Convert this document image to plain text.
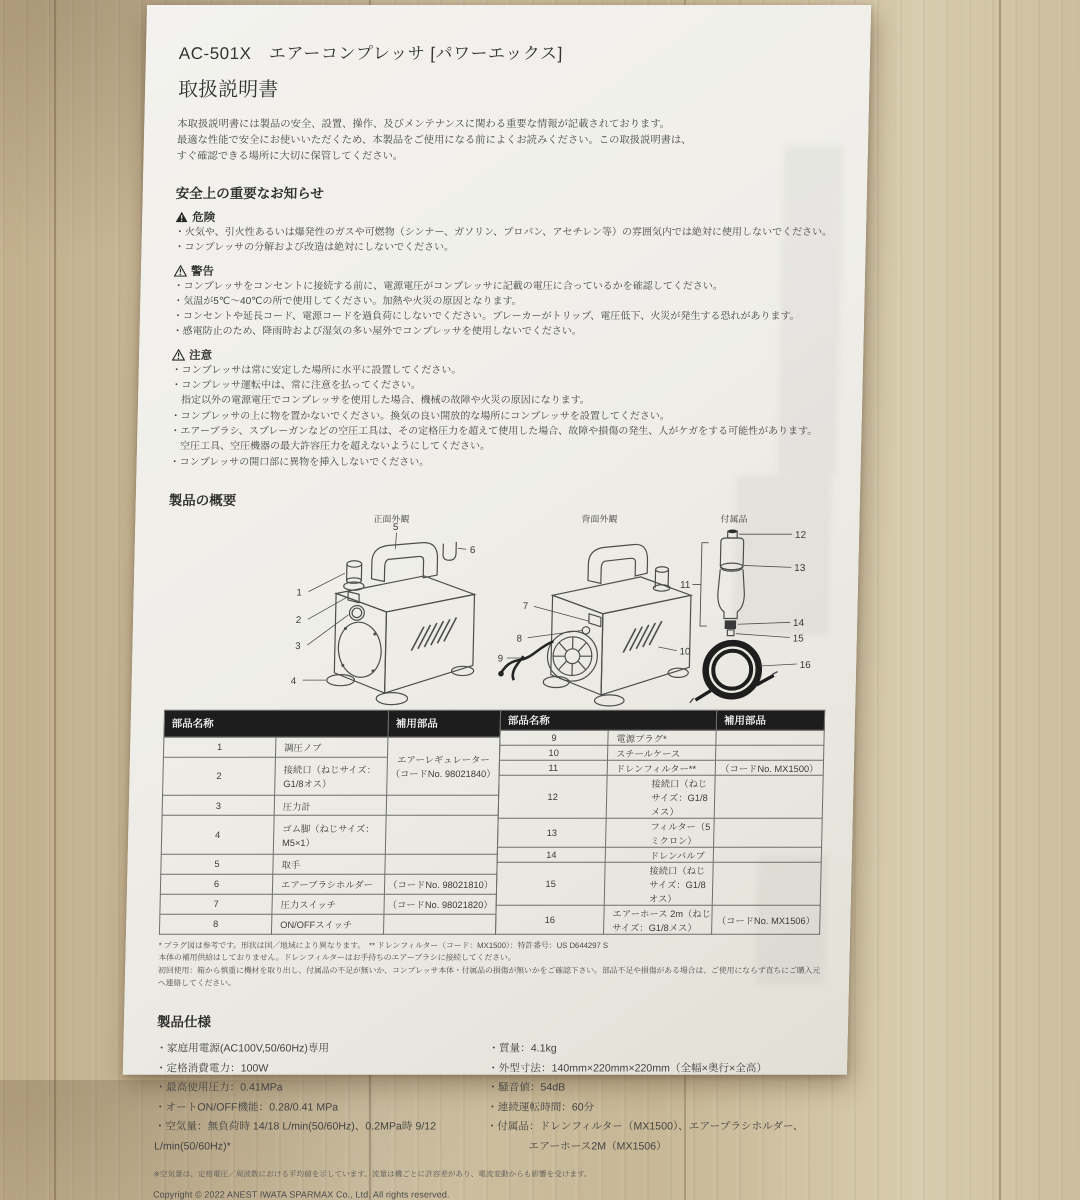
AC-501X　 エアーコンプレッサ [パワーエックス]
取扱説明書
本取扱説明書には製品の安全、設置、操作、及びメンテナンスに関わる重要な情報が記載されております。
最適な性能で安全にお使いいただくため、本製品をご使用になる前によくお読みください。この取扱説明書は、
すぐ確認できる場所に大切に保管してください。
安全上の重要なお知らせ
危険
・火気や、引火性あるいは爆発性のガスや可燃物（シンナー、ガソリン、プロパン、アセチレン等）の雰囲気内では絶対に使用しないでください。
・コンプレッサの分解および改造は絶対にしないでください。
警告
・コンプレッサをコンセントに接続する前に、電源電圧がコンプレッサに記載の電圧に合っているかを確認してください。
・気温が5℃～40℃の所で使用してください。加熱や火災の原因となります。
・コンセントや延長コード、電源コードを過負荷にしないでください。ブレーカーがトリップ、電圧低下、火災が発生する恐れがあります。
・感電防止のため、降雨時および湿気の多い屋外でコンプレッサを使用しないでください。
注意
・コンプレッサは常に安定した場所に水平に設置してください。
・コンプレッサ運転中は、常に注意を払ってください。
　指定以外の電源電圧でコンプレッサを使用した場合、機械の故障や火災の原因になります。
・コンプレッサの上に物を置かないでください。換気の良い開放的な場所にコンプレッサを設置してください。
・エアーブラシ、スプレーガンなどの空圧工具は、その定格圧力を超えて使用した場合、故障や損傷の発生、人がケガをする可能性があります。
　空圧工具、空圧機器の最大許容圧力を超えないようにしてください。
・コンプレッサの開口部に異物を挿入しないでください。
製品の概要
正面外観	背面外観	付属品
1
2
3
4
5
6
7
8
9
10
11
12
13
14
15
16
部品名称		補用部品
1	調圧ノブ	エアーレギュレーター
（コードNo. 98021840）

2	接続口（ねじサイズ：G1/8オス）	
3	圧力計	
4	ゴム脚（ねじサイズ：M5×1）	
5	取手	
6	エアーブラシホルダー	（コードNo. 98021810）
7	圧力スイッチ	（コードNo. 98021820）
8	ON/OFFスイッチ	
部品名称		補用部品
9	電源プラグ*	
10	スチールケース	
11	ドレンフィルター**	（コードNo. MX1500）
12	接続口（ねじサイズ：G1/8メス）	
13	フィルター（5ミクロン）	
14	ドレンバルブ	
15	接続口（ねじサイズ：G1/8オス）	
16	エアーホース 2m（ねじサイズ：G1/8メス）	（コードNo. MX1506）
* プラグ図は参考です。形状は国／地域により異なります。　** ドレンフィルター（コード：MX1500）：特許番号：US D644297 S
本体の補用供給はしておりません。ドレンフィルターはお手持ちのエアーブラシに接続してください。
初回使用：箱から慎重に機材を取り出し、付属品の不足が無いか、コンプレッサ本体・付属品の損傷が無いかをご確認下さい。部品不足や損傷がある場合は、ご使用にならず直ちにご購入元へ連絡してください。
製品仕様
・家庭用電源(AC100V,50/60Hz)専用
・定格消費電力：100W
・最高使用圧力：0.41MPa
・オートON/OFF機能：0.28/0.41 MPa
・空気量：無負荷時 14/18 L/min(50/60Hz)、0.2MPa時 9/12 L/min(50/60Hz)*
・質量：4.1kg
・外型寸法：140mm×220mm×220mm（全幅×奥行×全高）
・騒音値：54dB
・連続運転時間：60分
・付属品：ドレンフィルター（MX1500）、エアーブラシホルダー、
　　　　エアーホース2M（MX1506）
※空気量は、定格電圧／周波数における平均値を示しています。流量は機ごとに許容差があり、電流変動からも影響を受けます。
Copyright © 2022 ANEST IWATA SPARMAX Co., Ltd. All rights reserved.
